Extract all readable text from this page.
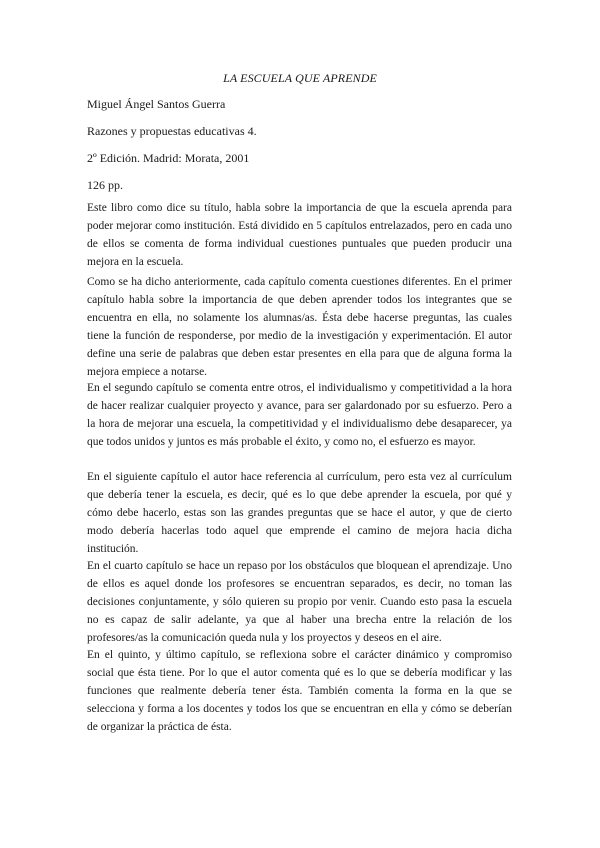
LA ESCUELA QUE APRENDE
Miguel Ángel Santos Guerra
Razones y propuestas educativas 4.
2º Edición. Madrid: Morata, 2001
126 pp.

Este libro como dice su título, habla sobre la importancia de que la escuela aprenda para poder mejorar como institución. Está dividido en 5 capítulos entrelazados, pero en cada uno de ellos se comenta de forma individual cuestiones puntuales que pueden producir una mejora en la escuela.

Como se ha dicho anteriormente, cada capítulo comenta cuestiones diferentes. En el primer capítulo habla sobre la importancia de que deben aprender todos los integrantes que se encuentra en ella, no solamente los alumnas/as. Ésta debe hacerse preguntas, las cuales tiene la función de responderse, por medio de la investigación y experimentación. El autor define una serie de palabras que deben estar presentes en ella para que de alguna forma la mejora empiece a notarse.

En el segundo capítulo se comenta entre otros, el individualismo y competitividad a la hora de hacer realizar cualquier proyecto y avance, para ser galardonado por su esfuerzo. Pero a la hora de mejorar una escuela, la competitividad y el individualismo debe desaparecer, ya que todos unidos y juntos es más probable el éxito, y como no, el esfuerzo es mayor.

En el siguiente capítulo el autor hace referencia al currículum, pero esta vez al currículum que debería tener la escuela, es decir, qué es lo que debe aprender la escuela, por qué y cómo debe hacerlo, estas son las grandes preguntas que se hace el autor, y que de cierto modo debería hacerlas todo aquel que emprende el camino de mejora hacia dicha institución.

En el cuarto capítulo se hace un repaso por los obstáculos que bloquean el aprendizaje. Uno de ellos es aquel donde los profesores se encuentran separados, es decir, no toman las decisiones conjuntamente, y sólo quieren su propio por venir. Cuando esto pasa la escuela no es capaz de salir adelante, ya que al haber una brecha entre la relación de los profesores/as la comunicación queda nula y los proyectos y deseos en el aire.

En el quinto, y último capítulo, se reflexiona sobre el carácter dinámico y compromiso social que ésta tiene. Por lo que el autor comenta qué es lo que se debería modificar y las funciones que realmente debería tener ésta. También comenta la forma en la que se selecciona y forma a los docentes y todos los que se encuentran en ella y cómo se deberían de organizar la práctica de ésta.
